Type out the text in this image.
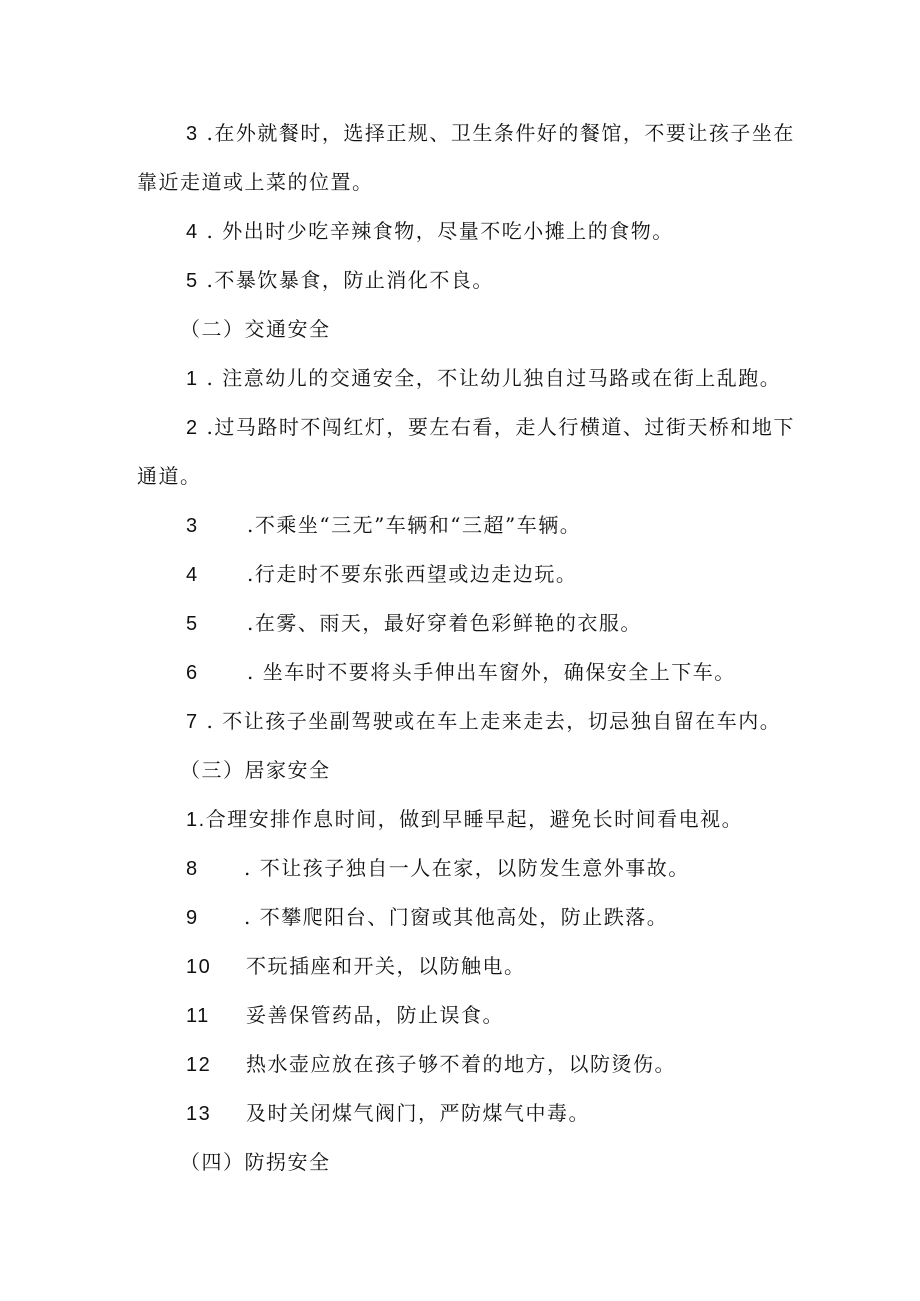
3 .在外就餐时，选择正规、卫生条件好的餐馆，不要让孩子坐在
靠近走道或上菜的位置。
4 . 外出时少吃辛辣食物，尽量不吃小摊上的食物。
5 .不暴饮暴食，防止消化不良。
（二）交通安全
1 . 注意幼儿的交通安全，不让幼儿独自过马路或在街上乱跑。
2 .过马路时不闯红灯，要左右看，走人行横道、过街天桥和地下
通道。
3 .不乘坐“三无”车辆和“三超”车辆。
4 .行走时不要东张西望或边走边玩。
5 .在雾、雨天，最好穿着色彩鲜艳的衣服。
6 . 坐车时不要将头手伸出车窗外，确保安全上下车。
7 . 不让孩子坐副驾驶或在车上走来走去，切忌独自留在车内。
（三）居家安全
1.合理安排作息时间，做到早睡早起，避免长时间看电视。
8 . 不让孩子独自一人在家，以防发生意外事故。
9 . 不攀爬阳台、门窗或其他高处，防止跌落。
10 不玩插座和开关，以防触电。
11 妥善保管药品，防止误食。
12 热水壶应放在孩子够不着的地方，以防烫伤。
13 及时关闭煤气阀门，严防煤气中毒。
（四）防拐安全
